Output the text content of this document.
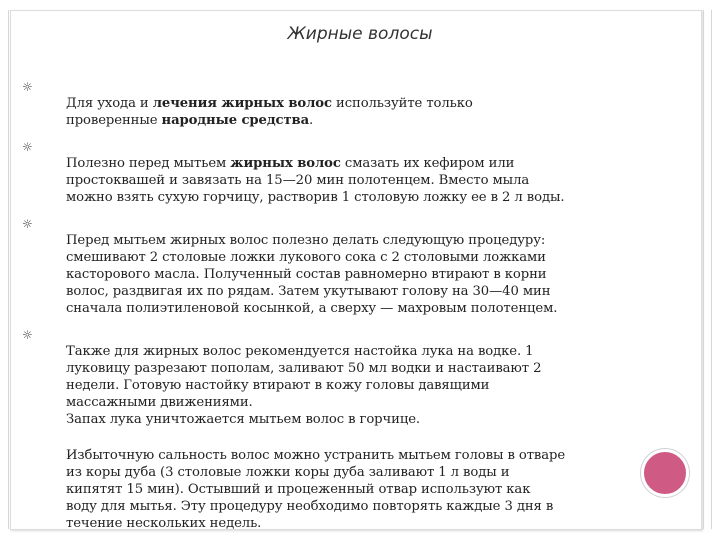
Жирные волосы

☼
Для ухода и лечения жирных волос используйте только
проверенные народные средства.

☼
Полезно перед мытьем жирных волос смазать их кефиром или
простоквашей и завязать на 15—20 мин полотенцем. Вместо мыла
можно взять сухую горчицу, растворив 1 столовую ложку ее в 2 л воды.

☼
Перед мытьем жирных волос полезно делать следующую процедуру:
смешивают 2 столовые ложки лукового сока с 2 столовыми ложками
касторового масла. Полученный состав равномерно втирают в корни
волос, раздвигая их по рядам. Затем укутывают голову на 30—40 мин
сначала полиэтиленовой косынкой, а сверху — махровым полотенцем.

☼
Также для жирных волос рекомендуется настойка лука на водке. 1
луковицу разрезают пополам, заливают 50 мл водки и настаивают 2
недели. Готовую настойку втирают в кожу головы давящими
массажными движениями.
Запах лука уничтожается мытьем волос в горчице.

Избыточную сальность волос можно устранить мытьем головы в отваре
из коры дуба (3 столовые ложки коры дуба заливают 1 л воды и
кипятят 15 мин). Остывший и процеженный отвар используют как
воду для мытья. Эту процедуру необходимо повторять каждые 3 дня в
течение нескольких недель.
